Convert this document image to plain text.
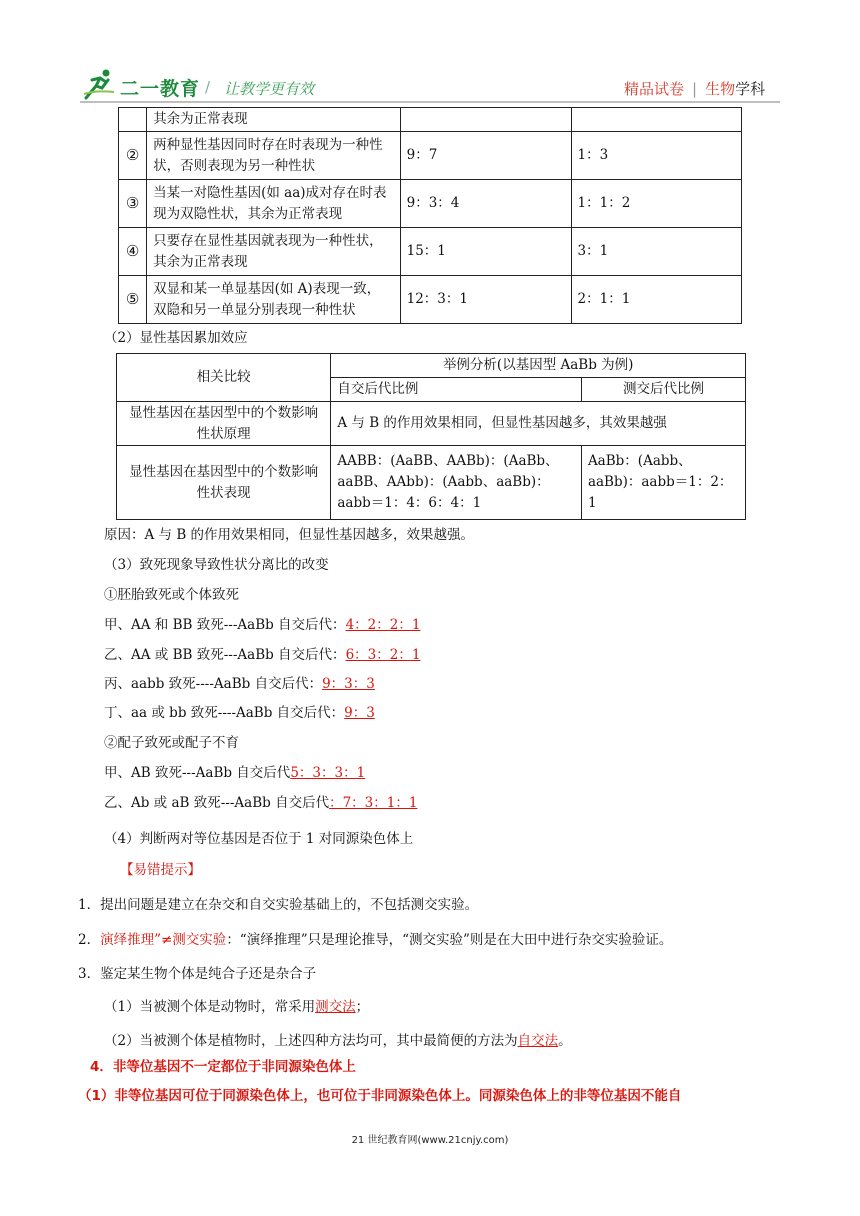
二一教育 / 让教学更有效	精品试卷 | 生物学科
	其余为正常表现		
②	两种显性基因同时存在时表现为一种性状，否则表现为另一种性状	9：7	1：3
③	当某一对隐性基因(如 aa)成对存在时表现为双隐性状，其余为正常表现	9：3：4	1：1：2
④	只要存在显性基因就表现为一种性状，其余为正常表现	15：1	3：1
⑤	双显和某一单显基因(如 A)表现一致，双隐和另一单显分别表现一种性状	12：3：1	2：1：1
（2）显性基因累加效应
相关比较	举例分析(以基因型 AaBb 为例)	
	自交后代比例	测交后代比例
显性基因在基因型中的个数影响性状原理	A 与 B 的作用效果相同，但显性基因越多，其效果越强	
显性基因在基因型中的个数影响性状表现	AABB：(AaBB、AABb)：(AaBb、aaBB、AAbb)：(Aabb、aaBb)：aabb＝1：4：6：4：1	AaBb：(Aabb、aaBb)：aabb＝1：2：1
原因：A 与 B 的作用效果相同，但显性基因越多，效果越强。
（3）致死现象导致性状分离比的改变
①胚胎致死或个体致死
甲、AA 和 BB 致死---AaBb 自交后代：4：2：2：1
乙、AA 或 BB 致死---AaBb 自交后代：6：3：2：1
丙、aabb 致死----AaBb 自交后代：9：3：3
丁、aa 或 bb 致死----AaBb 自交后代：9：3
②配子致死或配子不育
甲、AB 致死---AaBb 自交后代5：3：3：1
乙、Ab 或 aB 致死---AaBb 自交后代：7：3：1：1
（4）判断两对等位基因是否位于 1 对同源染色体上
【易错提示】
1．提出问题是建立在杂交和自交实验基础上的，不包括测交实验。
2．演绎推理”≠测交实验：“演绎推理”只是理论推导，“测交实验”则是在大田中进行杂交实验验证。
3．鉴定某生物个体是纯合子还是杂合子
（1）当被测个体是动物时，常采用测交法；
（2）当被测个体是植物时，上述四种方法均可，其中最简便的方法为自交法。
4．非等位基因不一定都位于非同源染色体上
（1）非等位基因可位于同源染色体上，也可位于非同源染色体上。同源染色体上的非等位基因不能自
21 世纪教育网(www.21cnjy.com)
